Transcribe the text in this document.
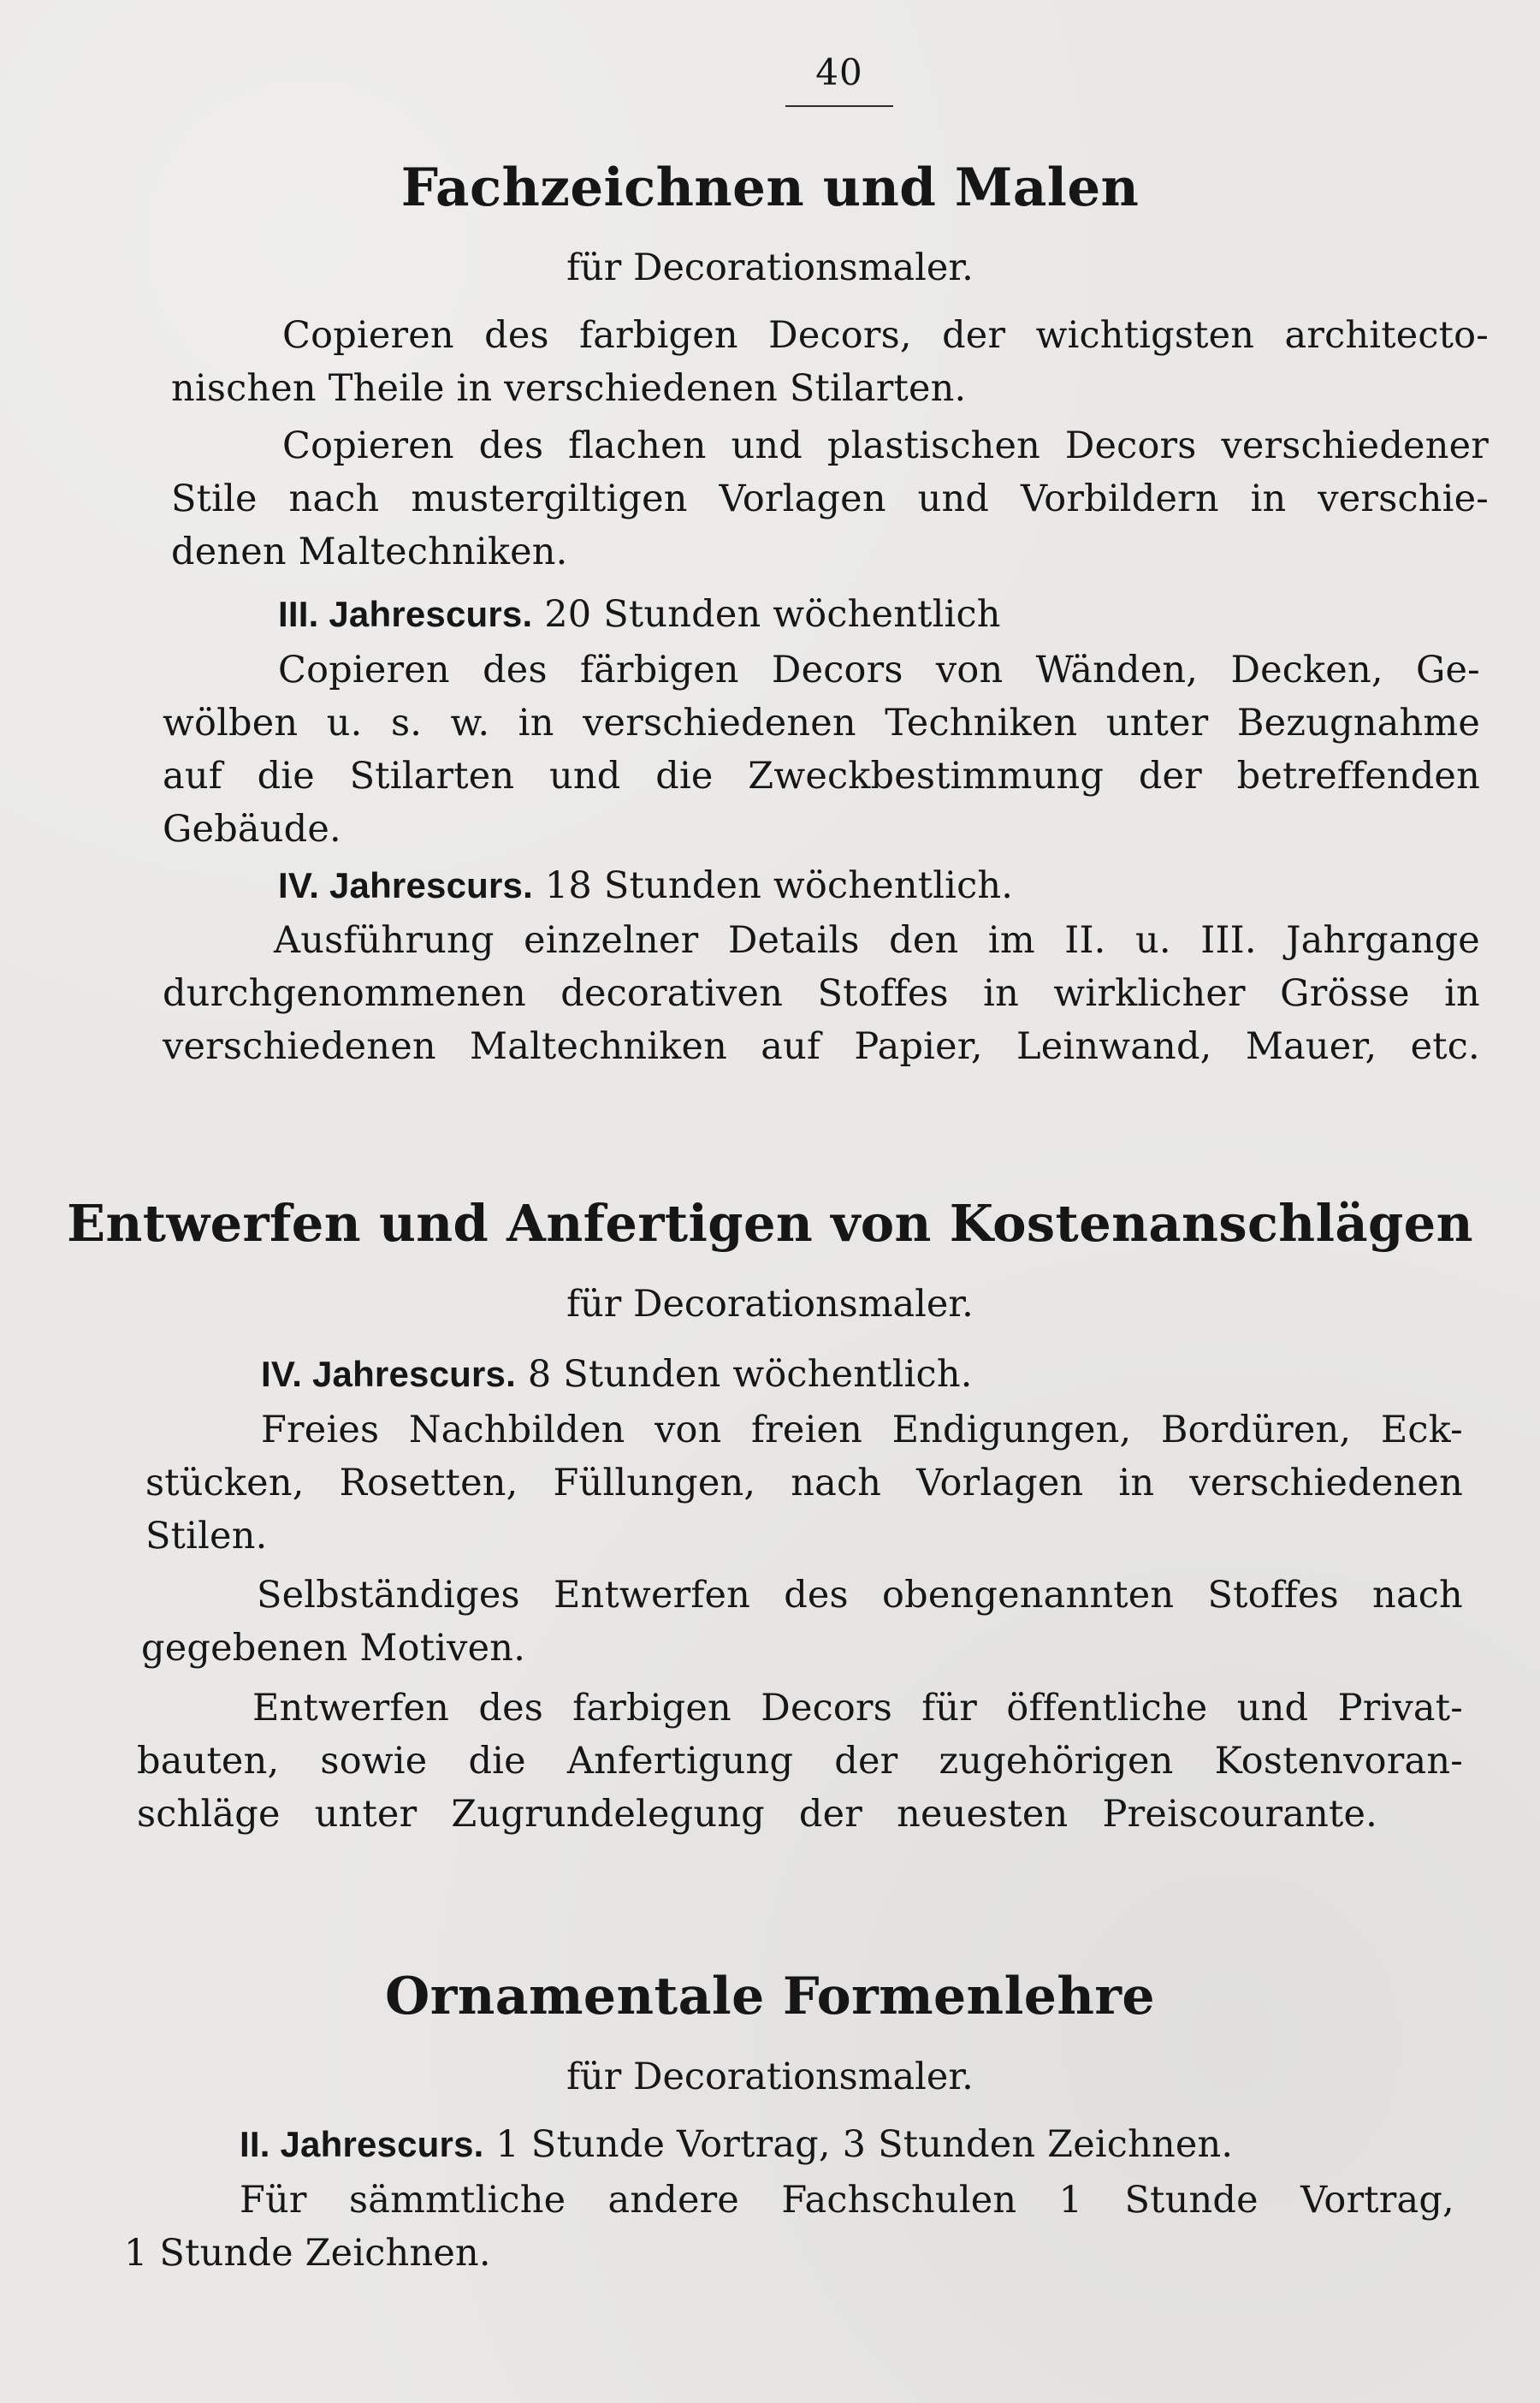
40
Fachzeichnen und Malen
für Decorationsmaler.
Copieren des farbigen Decors, der wichtigsten architecto-
nischen Theile in verschiedenen Stilarten.
Copieren des flachen und plastischen Decors verschiedener
Stile nach mustergiltigen Vorlagen und Vorbildern in verschie-
denen Maltechniken.
III. Jahrescurs. 20 Stunden wöchentlich
Copieren des färbigen Decors von Wänden, Decken, Ge-
wölben u. s. w. in verschiedenen Techniken unter Bezugnahme
auf die Stilarten und die Zweckbestimmung der betreffenden
Gebäude.
IV. Jahrescurs. 18 Stunden wöchentlich.
Ausführung einzelner Details den im II. u. III. Jahrgange
durchgenommenen decorativen Stoffes in wirklicher Grösse in
verschiedenen Maltechniken auf Papier, Leinwand, Mauer, etc.
Entwerfen und Anfertigen von Kostenanschlägen
für Decorationsmaler.
IV. Jahrescurs. 8 Stunden wöchentlich.
Freies Nachbilden von freien Endigungen, Bordüren, Eck-
stücken, Rosetten, Füllungen, nach Vorlagen in verschiedenen
Stilen.
Selbständiges Entwerfen des obengenannten Stoffes nach
gegebenen Motiven.
Entwerfen des farbigen Decors für öffentliche und Privat-
bauten, sowie die Anfertigung der zugehörigen Kostenvoran-
schläge unter Zugrundelegung der neuesten Preiscourante.
Ornamentale Formenlehre
für Decorationsmaler.
II. Jahrescurs. 1 Stunde Vortrag, 3 Stunden Zeichnen.
Für sämmtliche andere Fachschulen 1 Stunde Vortrag,
1 Stunde Zeichnen.
